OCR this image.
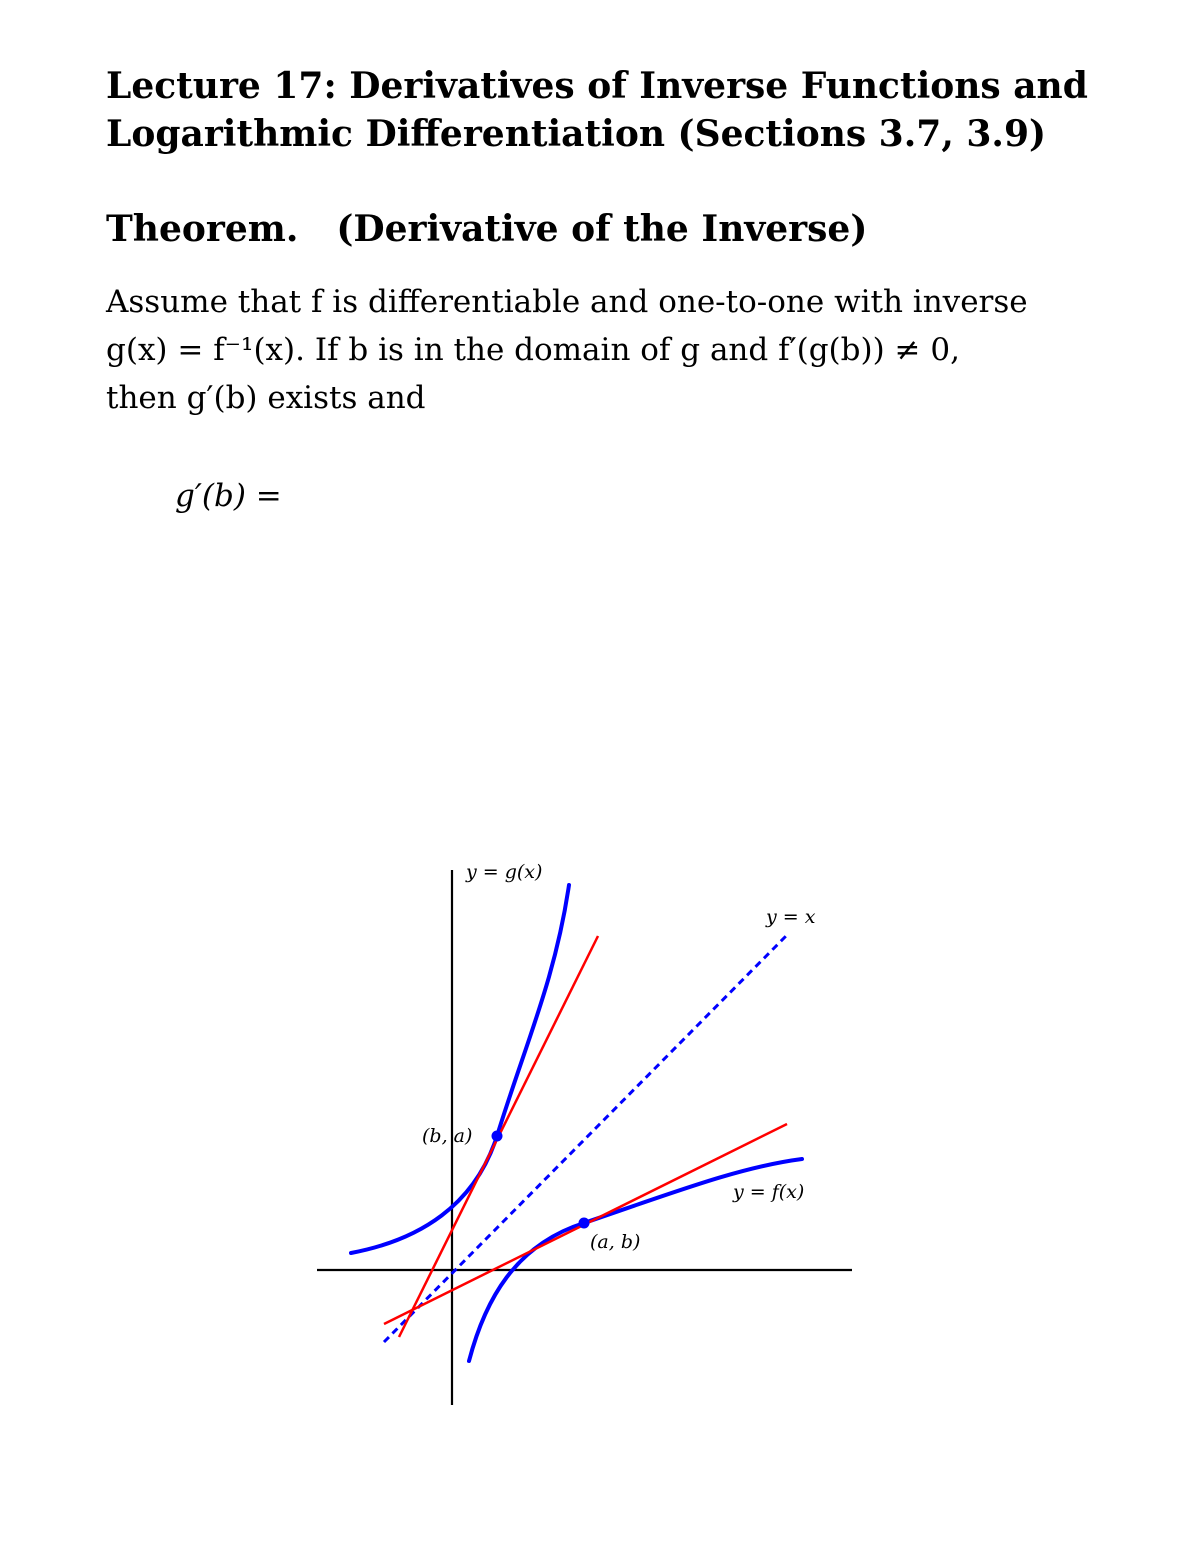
Lecture 17: Derivatives of Inverse Functions and
Logarithmic Differentiation (Sections 3.7, 3.9)
Theorem. (Derivative of the Inverse)
Assume that f is differentiable and one-to-one with inverse
g(x) = f⁻¹(x). If b is in the domain of g and f′(g(b)) ≠ 0,
then g′(b) exists and
g′(b) =
y = g(x)
y = x
y = f(x)
(b, a)
(a, b)
